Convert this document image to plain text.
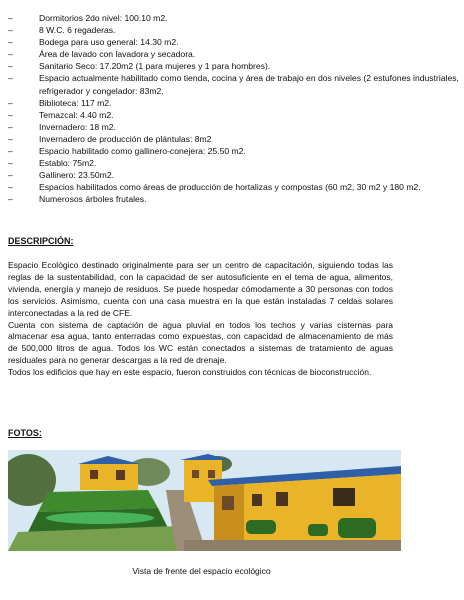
–	Dormitorios 2do nivel: 100.10 m2.
–	8 W.C. 6 regaderas.
–	Bodega para uso general: 14.30 m2.
–	Área de lavado con lavadora y secadora.
–	Sanitario Seco: 17.20m2 (1 para mujeres y 1 para hombres).
–	Espacio actualmente habilitado como tienda, cocina y área de trabajo en dos niveles (2 estufones industriales, refrigerador y congelador: 83m2.
–	Biblioteca: 117 m2.
–	Temazcal: 4.40 m2.
–	Invernadero: 18 m2.
–	Invernadero de producción de plántulas: 8m2
–	Espacio habilitado como gallinero-conejera: 25.50 m2.
–	Establo: 75m2.
–	Gallinero: 23.50m2.
–	Espacios habilitados como áreas de producción de hortalizas y compostas (60 m2, 30 m2 y 180 m2.
–	Numerosos árboles frutales.
DESCRIPCIÓN:

Espacio Ecológico destinado originalmente para ser un centro de capacitación, siguiendo todas las reglas de la sustentabilidad, con la capacidad de ser autosuficiente en el tema de agua, alimentos, vivienda, energía y manejo de residuos. Se puede hospedar cómodamente a 30 personas con todos los servicios. Asimismo, cuenta con una casa muestra en la que están instaladas 7 celdas solares interconectadas a la red de CFE.

Cuenta con sistema de captación de agua pluvial en todos los techos y varias cisternas para almacenar esa agua, tanto enterradas como expuestas, con capacidad de almacenamiento de más de 500,000 litros de agua. Todos los WC están conectados a sistemas de tratamiento de aguas residuales para no generar descargas a la red de drenaje.

Todos los edificios que hay en este espacio, fueron construidos con técnicas de bioconstrucción.

FOTOS:
Vista de frente del espacio ecológico
